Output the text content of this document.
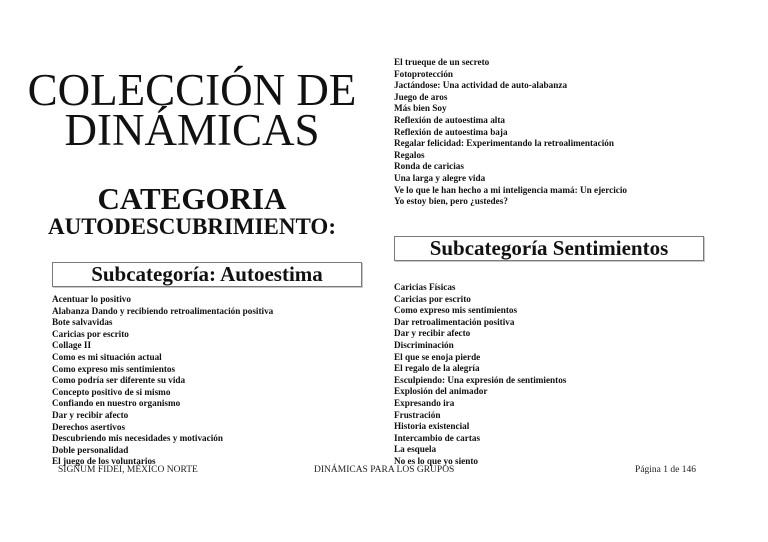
COLECCIÓN DE
DINÁMICAS
CATEGORIA
AUTODESCUBRIMIENTO:
Subcategoría: Autoestima
Acentuar lo positivo
Alabanza Dando y recibiendo retroalimentación positiva
Bote salvavidas
Caricias por escrito
Collage II
Como es mi situación actual
Como expreso mis sentimientos
Como podría ser diferente su vida
Concepto positivo de si mismo
Confiando en nuestro organismo
Dar y recibir afecto
Derechos asertivos
Descubriendo mis necesidades y motivación
Doble personalidad
El juego de los voluntarios
El trueque de un secreto
Fotoprotección
Jactándose: Una actividad de auto-alabanza
Juego de aros
Más bien Soy
Reflexión de autoestima alta
Reflexión de autoestima baja
Regalar felicidad: Experimentando la retroalimentación
Regalos
Ronda de caricias
Una larga y alegre vida
Ve lo que le han hecho a mi inteligencia mamá: Un ejercicio
Yo estoy bien, pero ¿ustedes?
Subcategoría Sentimientos
Caricias Físicas
Caricias por escrito
Como expreso mis sentimientos
Dar retroalimentación positiva
Dar y recibir afecto
Discriminación
El que se enoja pierde
El regalo de la alegría
Esculpiendo: Una expresión de sentimientos
Explosión del animador
Expresando ira
Frustración
Historia existencial
Intercambio de cartas
La esquela
No es lo que yo siento
SIGNUM FIDEI, MÉXICO NORTE	DINÁMICAS PARA LOS GRUPOS	Página 1 de 146
